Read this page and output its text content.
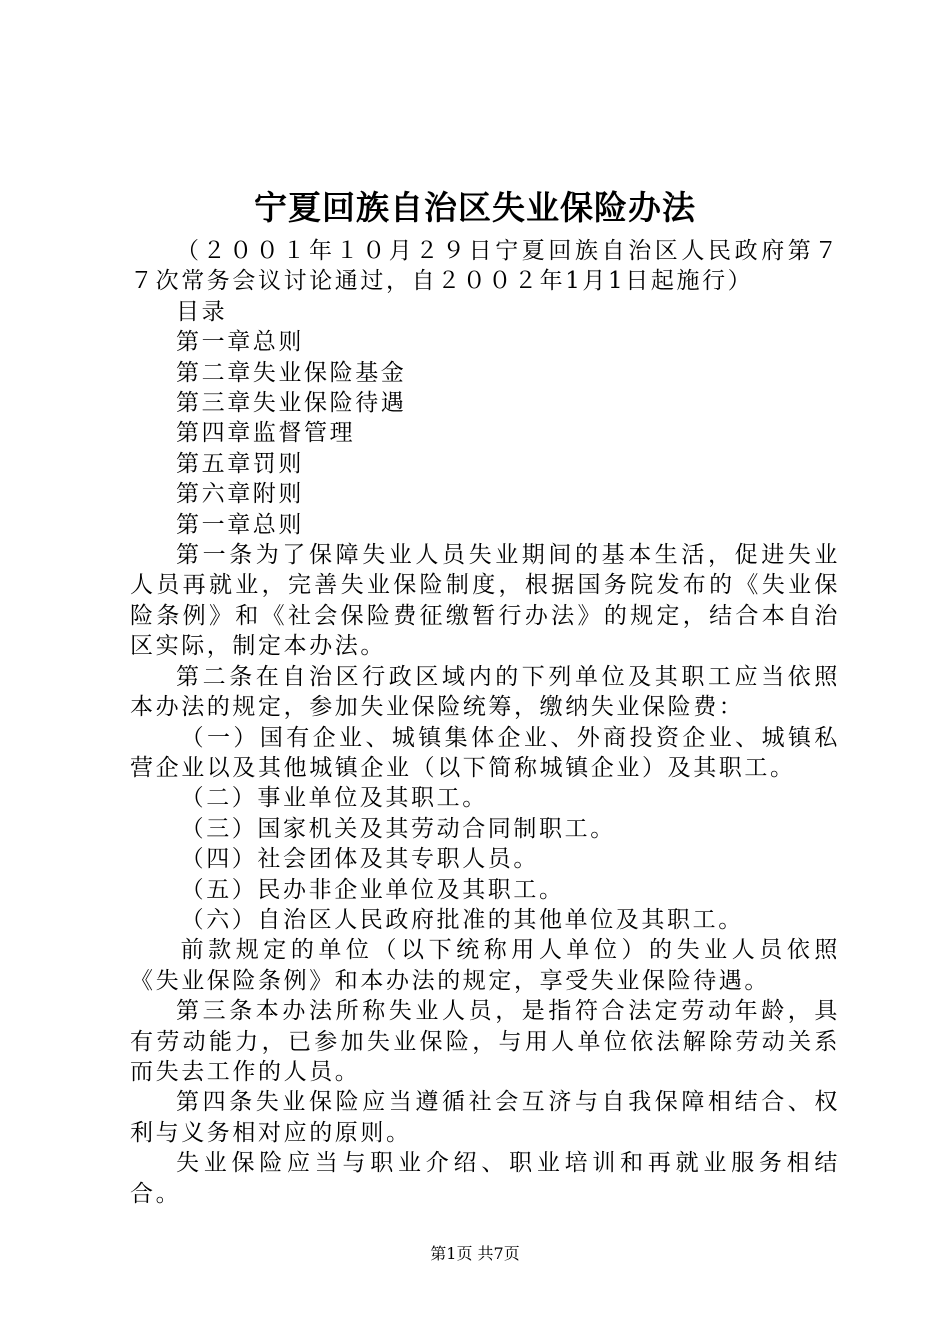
宁夏回族自治区失业保险办法

（２００１年１０月２９日宁夏回族自治区人民政府第７７次常务会议讨论通过，自２００２年1月1日起施行）

目录

第一章总则

第二章失业保险基金

第三章失业保险待遇

第四章监督管理

第五章罚则

第六章附则

第一章总则

第一条为了保障失业人员失业期间的基本生活，促进失业人员再就业，完善失业保险制度，根据国务院发布的《失业保险条例》和《社会保险费征缴暂行办法》的规定，结合本自治区实际，制定本办法。

第二条在自治区行政区域内的下列单位及其职工应当依照本办法的规定，参加失业保险统筹，缴纳失业保险费：

（一）国有企业、城镇集体企业、外商投资企业、城镇私营企业以及其他城镇企业（以下简称城镇企业）及其职工。

（二）事业单位及其职工。

（三）国家机关及其劳动合同制职工。

（四）社会团体及其专职人员。

（五）民办非企业单位及其职工。

（六）自治区人民政府批准的其他单位及其职工。

前款规定的单位（以下统称用人单位）的失业人员依照《失业保险条例》和本办法的规定，享受失业保险待遇。

第三条本办法所称失业人员，是指符合法定劳动年龄，具有劳动能力，已参加失业保险，与用人单位依法解除劳动关系而失去工作的人员。

第四条失业保险应当遵循社会互济与自我保障相结合、权利与义务相对应的原则。

失业保险应当与职业介绍、职业培训和再就业服务相结合。

第1页 共7页
